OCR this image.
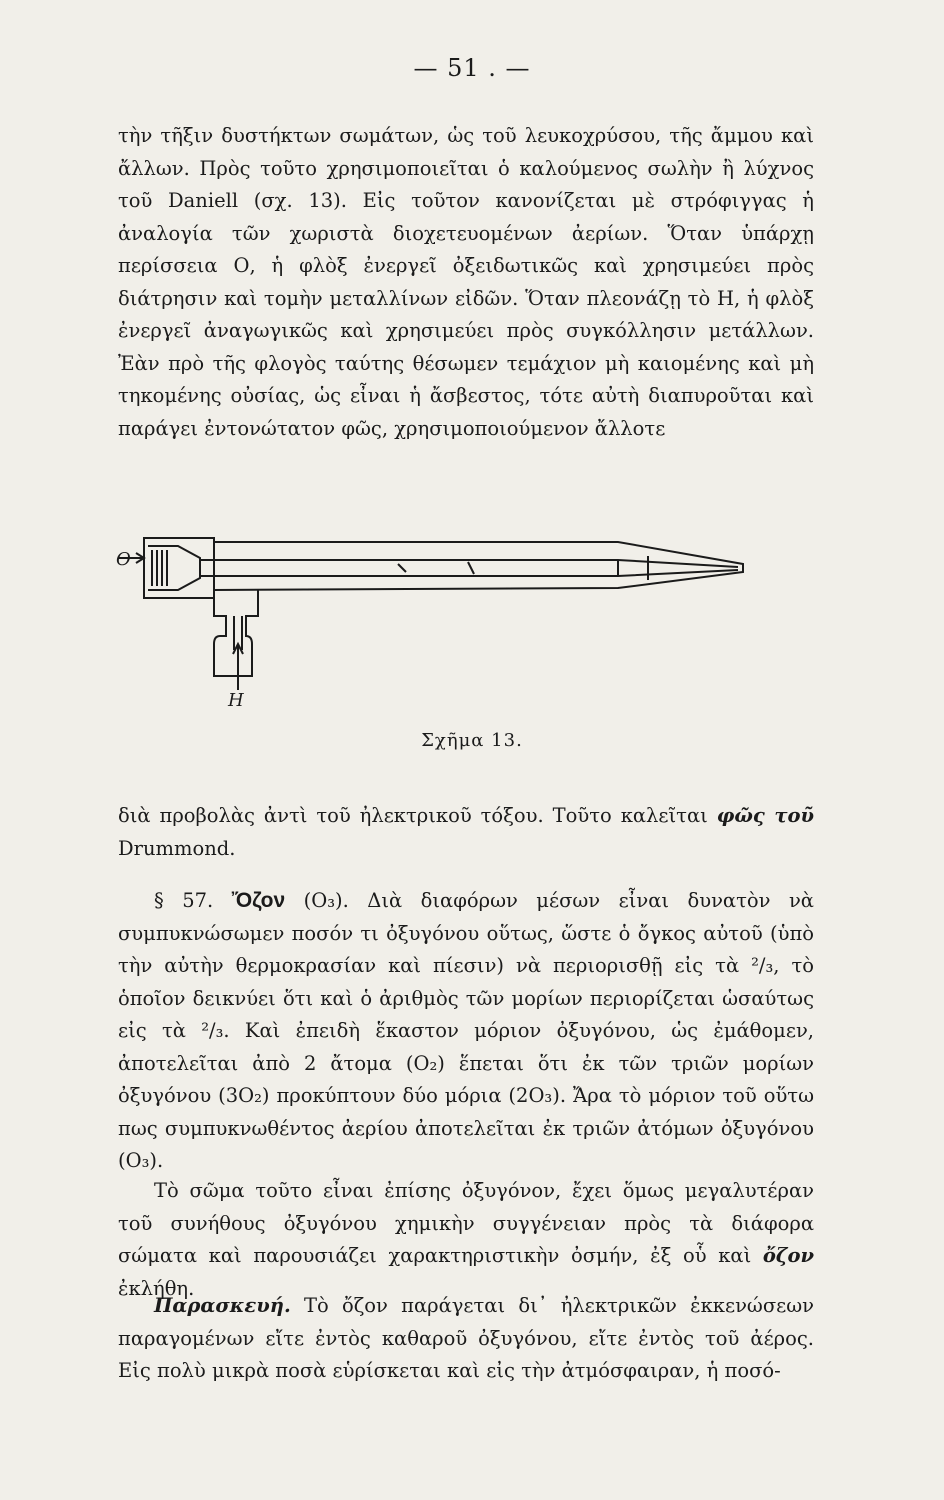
— 51 . —
τὴν τῆξιν δυστήκτων σωμάτων, ὡς τοῦ λευκοχρύσου, τῆς ἄμμου καὶ ἄλλων. Πρὸς τοῦτο χρησιμοποιεῖται ὁ καλούμενος σωλὴν ἢ λύχνος τοῦ Daniell (σχ. 13). Εἰς τοῦτον κανονίζεται μὲ στρόφιγγας ἡ ἀναλογία τῶν χωριστὰ διοχετευομένων ἀερίων. Ὅταν ὑπάρχῃ περίσσεια Ο, ἡ φλὸξ ἐνεργεῖ ὀξειδωτικῶς καὶ χρησιμεύει πρὸς διάτρησιν καὶ τομὴν μεταλλίνων εἰδῶν. Ὅταν πλεονάζῃ τὸ Η, ἡ φλὸξ ἐνεργεῖ ἀναγωγικῶς καὶ χρησιμεύει πρὸς συγκόλλησιν μετάλλων. Ἐὰν πρὸ τῆς φλογὸς ταύτης θέσωμεν τεμάχιον μὴ καιομένης καὶ μὴ τηκομένης οὐσίας, ὡς εἶναι ἡ ἄσβεστος, τότε αὐτὴ διαπυροῦται καὶ παράγει ἐντονώτατον φῶς, χρησιμοποιούμενον ἄλλοτε
O
H
Σχῆμα 13.
διὰ προβολὰς ἀντὶ τοῦ ἠλεκτρικοῦ τόξου. Τοῦτο καλεῖται φῶς τοῦ Drummond.
§ 57. Ὄζον (O₃). Διὰ διαφόρων μέσων εἶναι δυνατὸν νὰ συμπυκνώσωμεν ποσόν τι ὀξυγόνου οὕτως, ὥστε ὁ ὄγκος αὐτοῦ (ὑπὸ τὴν αὐτὴν θερμοκρασίαν καὶ πίεσιν) νὰ περιορισθῇ εἰς τὰ ²/₃, τὸ ὁποῖον δεικνύει ὅτι καὶ ὁ ἀριθμὸς τῶν μορίων περιορίζεται ὡσαύτως εἰς τὰ ²/₃. Καὶ ἐπειδὴ ἕκαστον μόριον ὀξυγόνου, ὡς ἐμάθομεν, ἀποτελεῖται ἀπὸ 2 ἄτομα (O₂) ἕπεται ὅτι ἐκ τῶν τριῶν μορίων ὀξυγόνου (3O₂) προκύπτουν δύο μόρια (2O₃). Ἄρα τὸ μόριον τοῦ οὕτω πως συμπυκνωθέντος ἀερίου ἀποτελεῖται ἐκ τριῶν ἀτόμων ὀξυγόνου (O₃).
Τὸ σῶμα τοῦτο εἶναι ἐπίσης ὀξυγόνον, ἔχει ὅμως μεγαλυτέραν τοῦ συνήθους ὀξυγόνου χημικὴν συγγένειαν πρὸς τὰ διάφορα σώματα καὶ παρουσιάζει χαρακτηριστικὴν ὀσμήν, ἐξ οὗ καὶ ὄζον ἐκλήθη.
Παρασκευή. Τὸ ὄζον παράγεται δι᾽ ἠλεκτρικῶν ἐκκενώσεων παραγομένων εἴτε ἐντὸς καθαροῦ ὀξυγόνου, εἴτε ἐντὸς τοῦ ἀέρος. Εἰς πολὺ μικρὰ ποσὰ εὑρίσκεται καὶ εἰς τὴν ἀτμόσφαιραν, ἡ ποσό-
